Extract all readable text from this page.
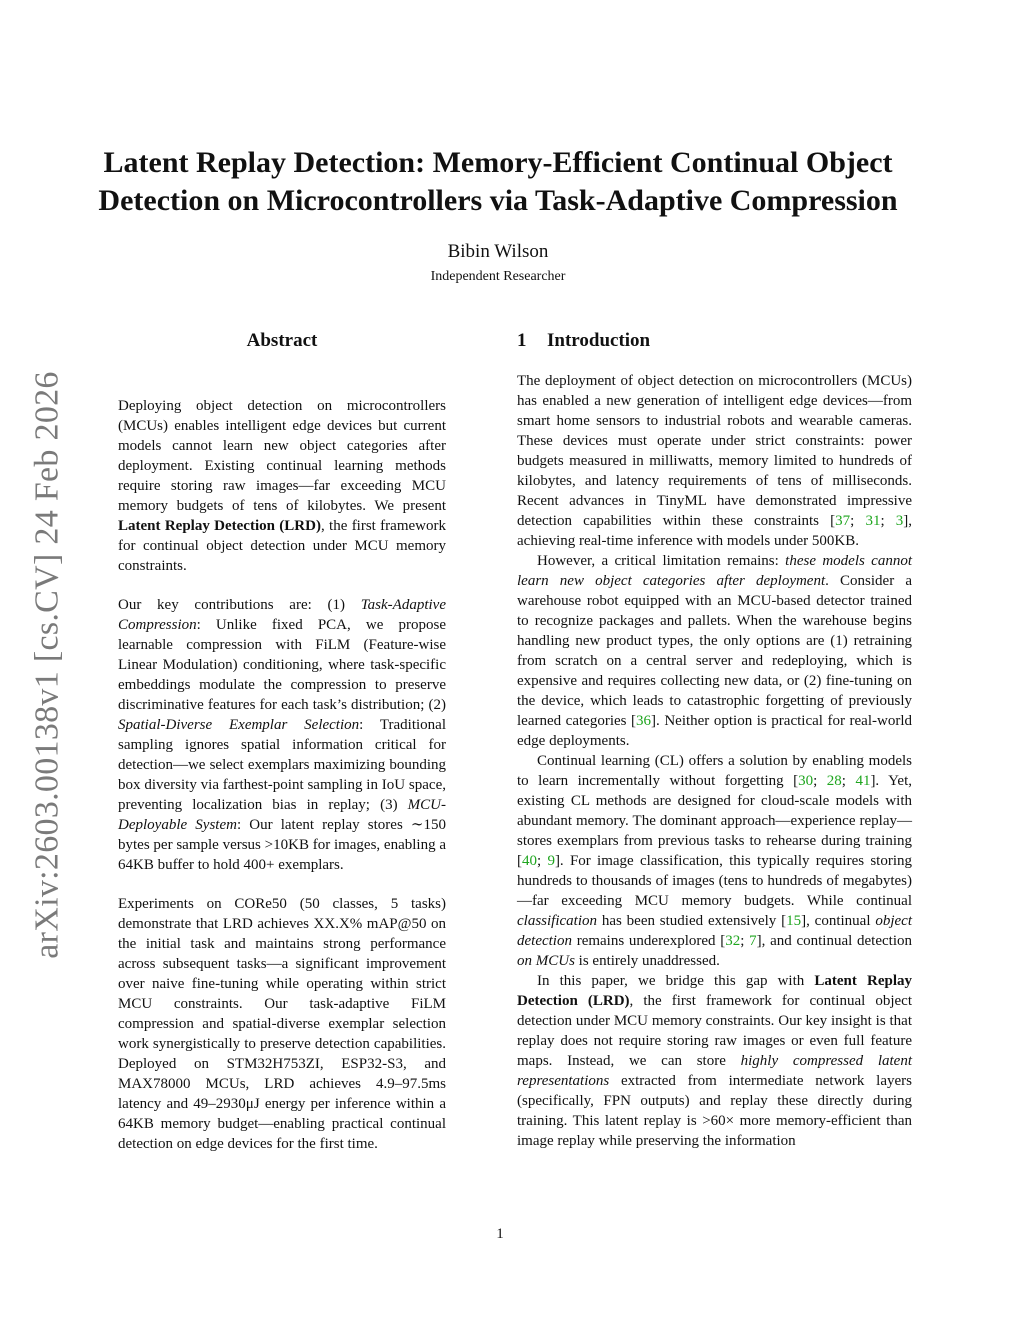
arXiv:2603.00138v1 [cs.CV] 24 Feb 2026
Latent Replay Detection: Memory-Efficient Continual Object
Detection on Microcontrollers via Task-Adaptive Compression
Bibin Wilson
Independent Researcher
Abstract

Deploying object detection on microcontrollers (MCUs) enables intelligent edge devices but current models cannot learn new object categories after deployment. Existing continual learning methods require storing raw images—far exceeding MCU memory budgets of tens of kilobytes. We present Latent Replay Detection (LRD), the first framework for continual object detection under MCU memory constraints.

Our key contributions are: (1) Task-Adaptive Compression: Unlike fixed PCA, we propose learnable compression with FiLM (Feature-wise Linear Modulation) conditioning, where task-specific embeddings modulate the compression to preserve discriminative features for each task’s distribution; (2) Spatial-Diverse Exemplar Selection: Traditional sampling ignores spatial information critical for detection—we select exemplars maximizing bounding box diversity via farthest-point sampling in IoU space, preventing localization bias in replay; (3) MCU-Deployable System: Our latent replay stores ∼150 bytes per sample versus >10KB for images, enabling a 64KB buffer to hold 400+ exemplars.

Experiments on CORe50 (50 classes, 5 tasks) demonstrate that LRD achieves XX.X% mAP@50 on the initial task and maintains strong performance across subsequent tasks—a significant improvement over naive fine-tuning while operating within strict MCU constraints. Our task-adaptive FiLM compression and spatial-diverse exemplar selection work synergistically to preserve detection capabilities. Deployed on STM32H753ZI, ESP32-S3, and MAX78000 MCUs, LRD achieves 4.9–97.5ms latency and 49–2930μJ energy per inference within a 64KB memory budget—enabling practical continual detection on edge devices for the first time.

1 Introduction

The deployment of object detection on microcontrollers (MCUs) has enabled a new generation of intelligent edge devices—from smart home sensors to industrial robots and wearable cameras. These devices must operate under strict constraints: power budgets measured in milliwatts, memory limited to hundreds of kilobytes, and latency requirements of tens of milliseconds. Recent advances in TinyML have demonstrated impressive detection capabilities within these constraints [37; 31; 3], achieving real-time inference with models under 500KB.

However, a critical limitation remains: these models cannot learn new object categories after deployment. Consider a warehouse robot equipped with an MCU-based detector trained to recognize packages and pallets. When the warehouse begins handling new product types, the only options are (1) retraining from scratch on a central server and redeploying, which is expensive and requires collecting new data, or (2) fine-tuning on the device, which leads to catastrophic forgetting of previously learned categories [36]. Neither option is practical for real-world edge deployments.

Continual learning (CL) offers a solution by enabling models to learn incrementally without forgetting [30; 28; 41]. Yet, existing CL methods are designed for cloud-scale models with abundant memory. The dominant approach—experience replay—stores exemplars from previous tasks to rehearse during training [40; 9]. For image classification, this typically requires storing hundreds to thousands of images (tens to hundreds of megabytes)—far exceeding MCU memory budgets. While continual classification has been studied extensively [15], continual object detection remains underexplored [32; 7], and continual detection on MCUs is entirely unaddressed.

In this paper, we bridge this gap with Latent Replay Detection (LRD), the first framework for continual object detection under MCU memory constraints. Our key insight is that replay does not require storing raw images or even full feature maps. Instead, we can store highly compressed latent representations extracted from intermediate network layers (specifically, FPN outputs) and replay these directly during training. This latent replay is >60× more memory-efficient than image replay while preserving the information

1
